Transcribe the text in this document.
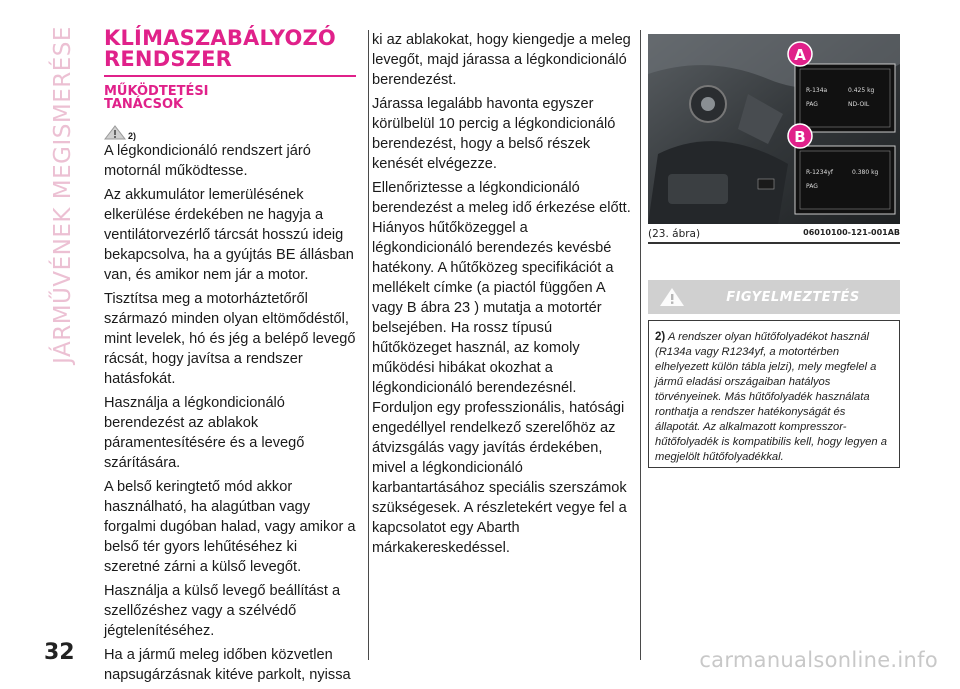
JÁRMŰVÉNEK MEGISMERÉSE
32
KLÍMASZABÁLYOZÓ
RENDSZER
MŰKÖDTETÉSI
TANÁCSOK
2)

A légkondicionáló rendszert járó motornál működtesse.

Az akkumulátor lemerülésének elkerülése érdekében ne hagyja a ventilátorvezérlő tárcsát hosszú ideig bekapcsolva, ha a gyújtás BE állásban van, és amikor nem jár a motor.

Tisztítsa meg a motorháztetőről származó minden olyan eltömődéstől, mint levelek, hó és jég a belépő levegő rácsát, hogy javítsa a rendszer hatásfokát.

Használja a légkondicionáló berendezést az ablakok páramentesítésére és a levegő szárítására.

A belső keringtető mód akkor használható, ha alagútban vagy forgalmi dugóban halad, vagy amikor a belső tér gyors lehűtéséhez ki szeretné zárni a külső levegőt.

Használja a külső levegő beállítást a szellőzéshez vagy a szélvédő jégtelenítéséhez.

Ha a jármű meleg időben közvetlen napsugárzásnak kitéve parkolt, nyissa

ki az ablakokat, hogy kiengedje a meleg levegőt, majd járassa a légkondicionáló berendezést.

Járassa legalább havonta egyszer körülbelül 10 percig a légkondicionáló berendezést, hogy a belső részek kenését elvégezze.

Ellenőriztesse a légkondicionáló berendezést a meleg idő érkezése előtt. Hiányos hűtőközeggel a légkondicionáló berendezés kevésbé hatékony. A hűtőközeg specifikációt a mellékelt címke (a piactól függően A vagy B ábra 23 ) mutatja a motortér belsejében. Ha rossz típusú hűtőközeget használ, az komoly működési hibákat okozhat a légkondicionáló berendezésnél. Forduljon egy professzionális, hatósági engedéllyel rendelkező szerelőhöz az átvizsgálás vagy javítás érdekében, mivel a légkondicionáló karbantartásához speciális szerszámok szükségesek. A részletekért vegye fel a kapcsolatot egy Abarth márkakereskedéssel.

R-134a	0.425 kg
PAG	ND-OIL
A
R-1234yf	0.380 kg
PAG
B
(23. ábra)	06010100-121-001AB
FIGYELMEZTETÉS
2) A rendszer olyan hűtőfolyadékot használ (R134a vagy R1234yf, a motortérben elhelyezett külön tábla jelzi), mely megfelel a jármű eladási országaiban hatályos törvényeinek. Más hűtőfolyadék használata ronthatja a rendszer hatékonyságát és állapotát. Az alkalmazott kompresszor-hűtőfolyadék is kompatibilis kell, hogy legyen a megjelölt hűtőfolyadékkal.
carmanualsonline.info
